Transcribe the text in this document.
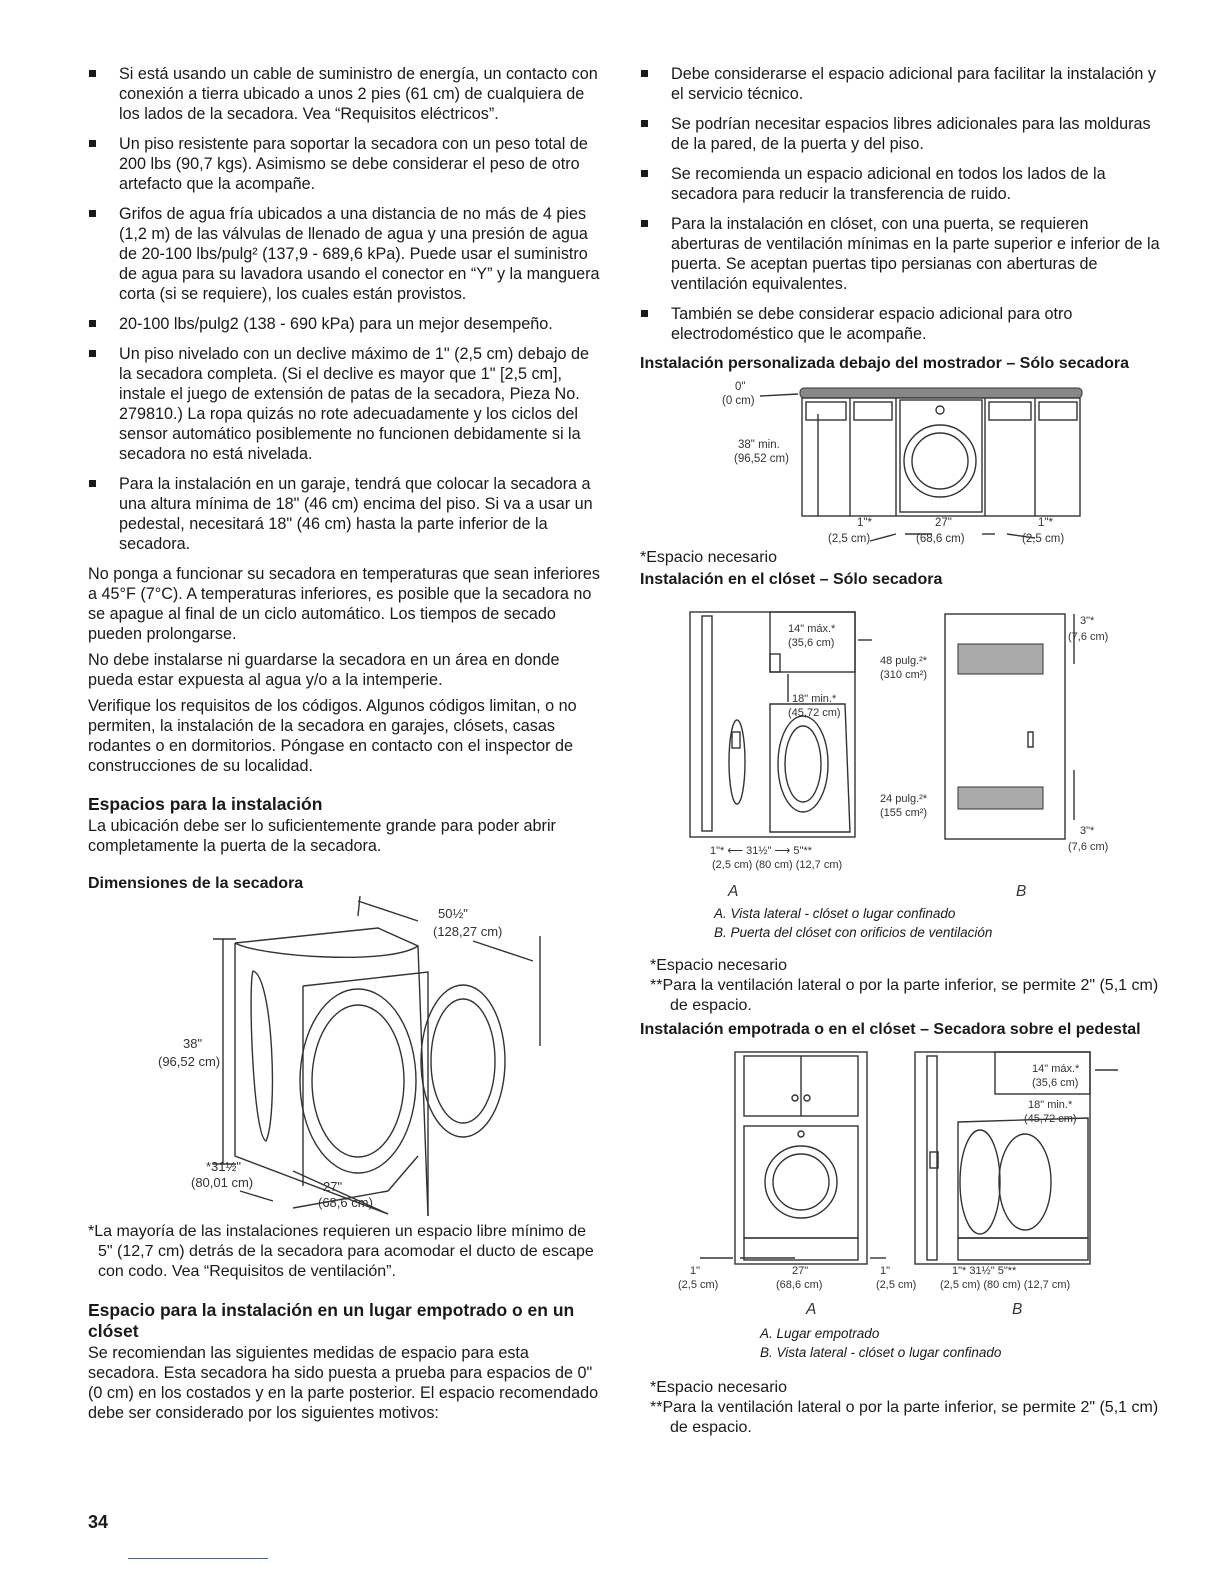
Si está usando un cable de suministro de energía, un contacto con conexión a tierra ubicado a unos 2 pies (61 cm) de cualquiera de los lados de la secadora. Vea “Requisitos eléctricos”.
Un piso resistente para soportar la secadora con un peso total de 200 lbs (90,7 kgs). Asimismo se debe considerar el peso de otro artefacto que la acompañe.
Grifos de agua fría ubicados a una distancia de no más de 4 pies (1,2 m) de las válvulas de llenado de agua y una presión de agua de 20-100 lbs/pulg² (137,9 - 689,6 kPa). Puede usar el suministro de agua para su lavadora usando el conector en “Y” y la manguera corta (si se requiere), los cuales están provistos.
20-100 lbs/pulg2 (138 - 690 kPa) para un mejor desempeño.
Un piso nivelado con un declive máximo de 1" (2,5 cm) debajo de la secadora completa. (Si el declive es mayor que 1" [2,5 cm], instale el juego de extensión de patas de la secadora, Pieza No. 279810.) La ropa quizás no rote adecuadamente y los ciclos del sensor automático posiblemente no funcionen debidamente si la secadora no está nivelada.
Para la instalación en un garaje, tendrá que colocar la secadora a una altura mínima de 18" (46 cm) encima del piso. Si va a usar un pedestal, necesitará 18" (46 cm) hasta la parte inferior de la secadora.

No ponga a funcionar su secadora en temperaturas que sean inferiores a 45°F (7°C). A temperaturas inferiores, es posible que la secadora no se apague al final de un ciclo automático. Los tiempos de secado pueden prolongarse.

No debe instalarse ni guardarse la secadora en un área en donde pueda estar expuesta al agua y/o a la intemperie.

Verifique los requisitos de los códigos. Algunos códigos limitan, o no permiten, la instalación de la secadora en garajes, clósets, casas rodantes o en dormitorios. Póngase en contacto con el inspector de construcciones de su localidad.

Espacios para la instalación

La ubicación debe ser lo suficientemente grande para poder abrir completamente la puerta de la secadora.

Dimensiones de la secadora
50½"
(128,27 cm)
38"
(96,52 cm)
*31½"
(80,01 cm)	27"
(68,6 cm)

*La mayoría de las instalaciones requieren un espacio libre mínimo de 5" (12,7 cm) detrás de la secadora para acomodar el ducto de escape con codo. Vea “Requisitos de ventilación”.

Espacio para la instalación en un lugar empotrado o en un clóset

Se recomiendan las siguientes medidas de espacio para esta secadora. Esta secadora ha sido puesta a prueba para espacios de 0" (0 cm) en los costados y en la parte posterior. El espacio recomendado debe ser considerado por los siguientes motivos:

Debe considerarse el espacio adicional para facilitar la instalación y el servicio técnico.
Se podrían necesitar espacios libres adicionales para las molduras de la pared, de la puerta y del piso.
Se recomienda un espacio adicional en todos los lados de la secadora para reducir la transferencia de ruido.
Para la instalación en clóset, con una puerta, se requieren aberturas de ventilación mínimas en la parte superior e inferior de la puerta. Se aceptan puertas tipo persianas con aberturas de ventilación equivalentes.
También se debe considerar espacio adicional para otro electrodoméstico que le acompañe.
Instalación personalizada debajo del mostrador – Sólo secadora
0"
(0 cm)
38" min.
(96,52 cm)
1"*
(2,5 cm)
27"
(68,6 cm)
1"*
(2,5 cm)

*Espacio necesario

Instalación en el clóset – Sólo secadora
14" máx.*
(35,6 cm)
18" min.*
(45,72 cm)
48 pulg.²*
(310 cm²)
24 pulg.²*
(155 cm²)
3"*
(7,6 cm)
3"*
(7,6 cm)
1"* ⟵ 31½" ⟶ 5"**
(2,5 cm) (80 cm) (12,7 cm)
A	B

A. Vista lateral - clóset o lugar confinado

B. Puerta del clóset con orificios de ventilación

*Espacio necesario

**Para la ventilación lateral o por la parte inferior, se permite 2" (5,1 cm) de espacio.

Instalación empotrada o en el clóset – Secadora sobre el pedestal
14" máx.*
(35,6 cm)
18" min.*
(45,72 cm)
1"
(2,5 cm)
27"
(68,6 cm)
1"
(2,5 cm)
1"* 31½" 5"**
(2,5 cm) (80 cm) (12,7 cm)
A	B

A. Lugar empotrado

B. Vista lateral - clóset o lugar confinado

*Espacio necesario

**Para la ventilación lateral o por la parte inferior, se permite 2" (5,1 cm) de espacio.

34
